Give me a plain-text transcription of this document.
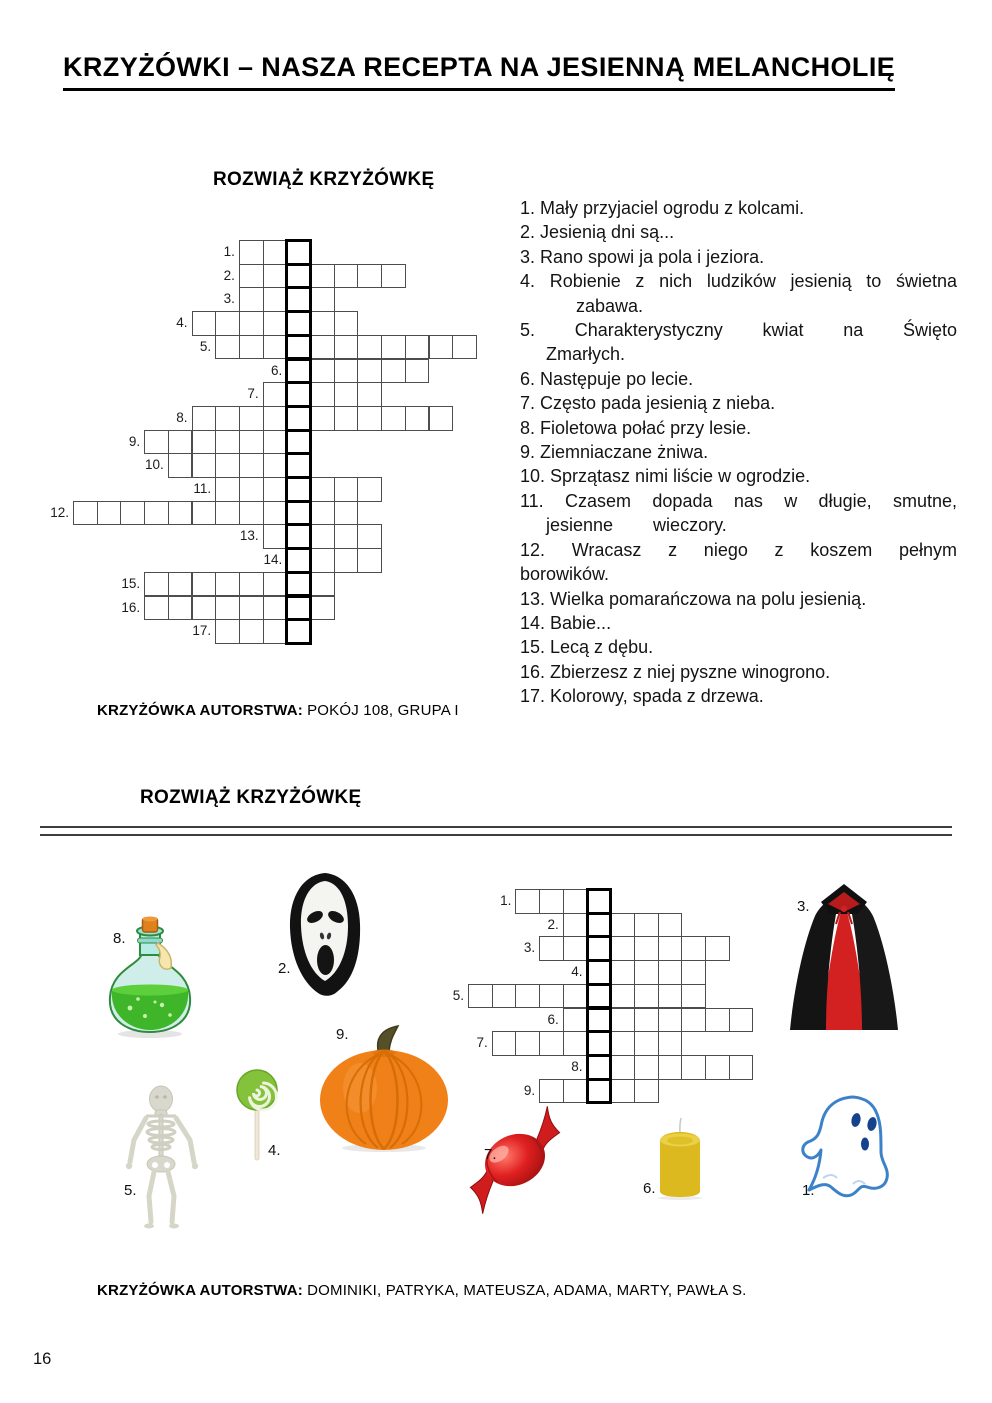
KRZYŻÓWKI – NASZA RECEPTA NA JESIENNĄ MELANCHOLIĘ
ROZWIĄŻ KRZYŻÓWKĘ
1.
2.
3.
4.
5.
6.
7.
8.
9.
10.
11.
12.
13.
14.
15.
16.
17.
1. Mały przyjaciel ogrodu z kolcami.
2. Jesienią dni są...
3. Rano spowi ja pola i jeziora.
4. Robienie z nich ludzików jesienią to świetna
zabawa.
5. Charakterystyczny kwiat na Święto
Zmarłych.
6. Następuje po lecie.
7. Często pada jesienią z nieba.
8. Fioletowa połać przy lesie.
9. Ziemniaczane żniwa.
10. Sprzątasz nimi liście w ogrodzie.
11. Czasem dopada nas w długie, smutne,
jesienne        wieczory.
12. Wracasz z niego z koszem pełnym
borowików.
13. Wielka pomarańczowa na polu jesienią.
14. Babie...
15. Lecą z dębu.
16. Zbierzesz z niej pyszne winogrono.
17. Kolorowy, spada z drzewa.
KRZYŻÓWKA AUTORSTWA: POKÓJ 108, GRUPA I
ROZWIĄŻ KRZYŻÓWKĘ
1.
2.
3.
4.
5.
6.
7.
8.
9.
8.
2.
3.
9.
4.
5.
7.
6.	1.
KRZYŻÓWKA AUTORSTWA: DOMINIKI, PATRYKA, MATEUSZA, ADAMA, MARTY, PAWŁA S.
16
